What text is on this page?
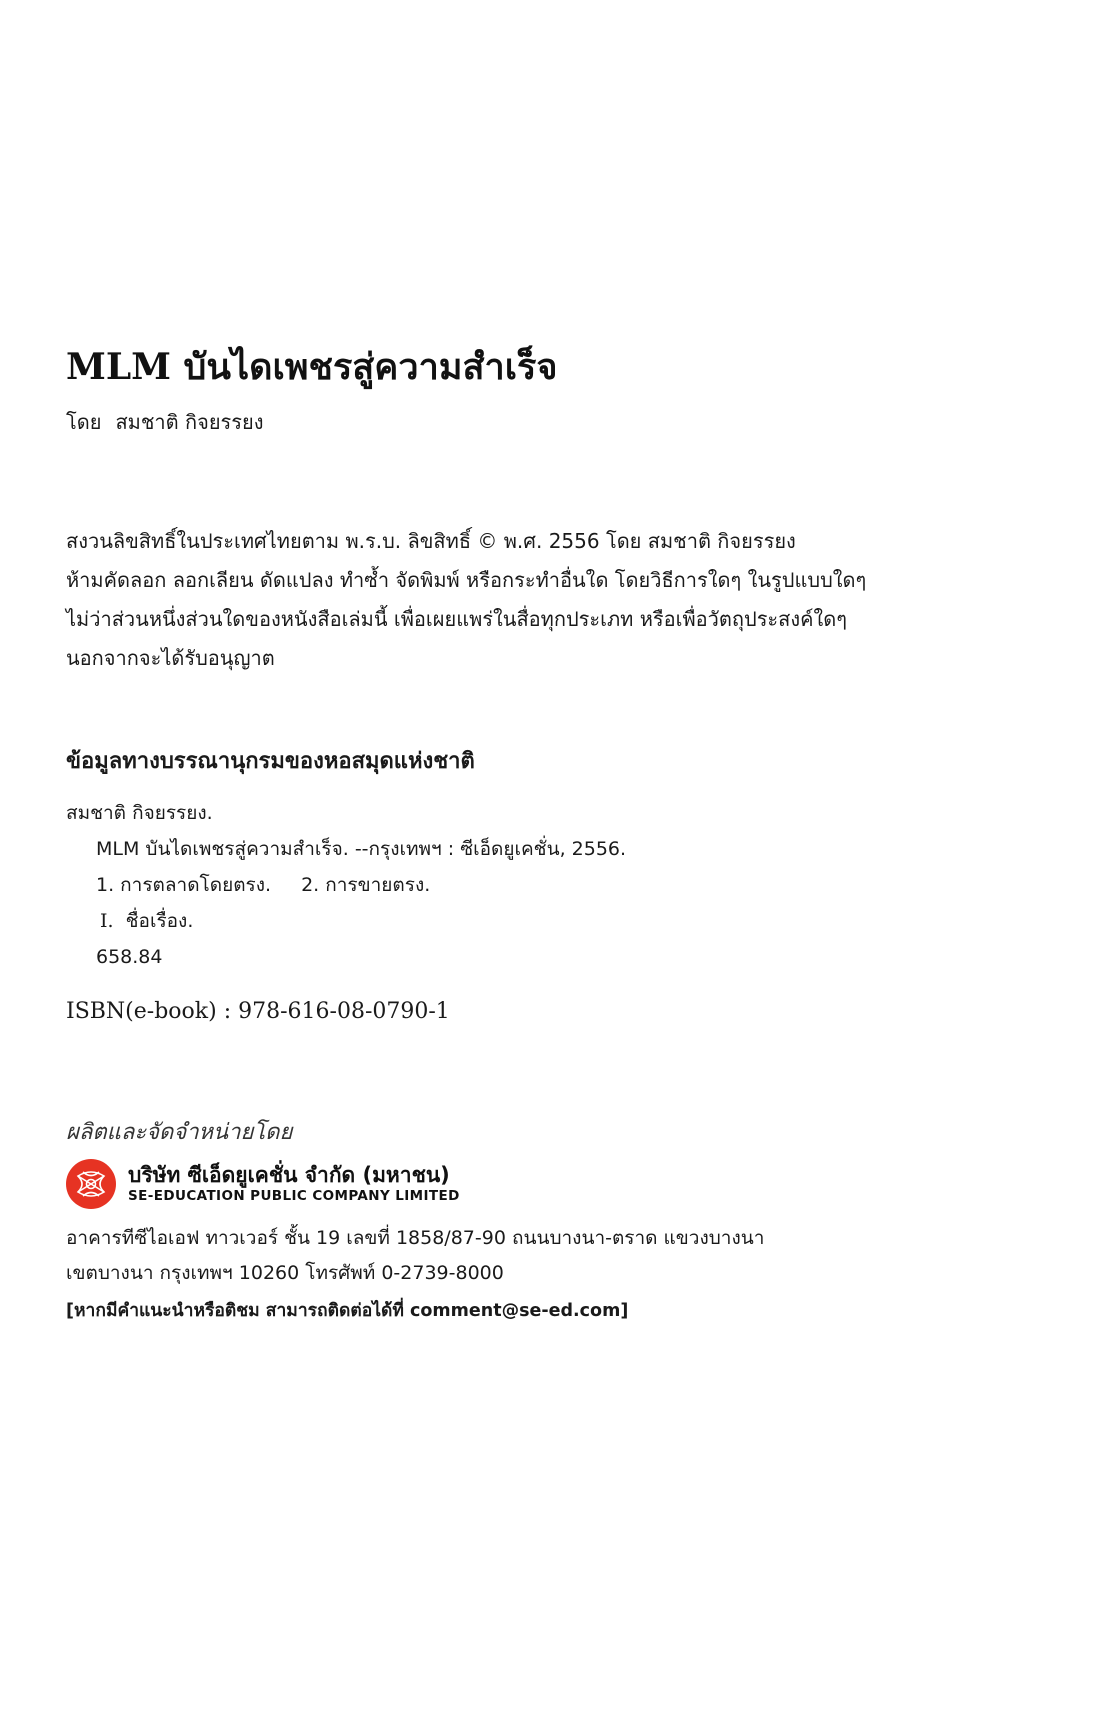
MLM บันไดเพชรสู่ความสำเร็จ
โดย สมชาติ กิจยรรยง
สงวนลิขสิทธิ์ในประเทศไทยตาม พ.ร.บ. ลิขสิทธิ์ © พ.ศ. 2556 โดย สมชาติ กิจยรรยง
ห้ามคัดลอก ลอกเลียน ดัดแปลง ทำซ้ำ จัดพิมพ์ หรือกระทำอื่นใด โดยวิธีการใดๆ ในรูปแบบใดๆ
ไม่ว่าส่วนหนึ่งส่วนใดของหนังสือเล่มนี้ เพื่อเผยแพร่ในสื่อทุกประเภท หรือเพื่อวัตถุประสงค์ใดๆ
นอกจากจะได้รับอนุญาต
ข้อมูลทางบรรณานุกรมของหอสมุดแห่งชาติ
สมชาติ กิจยรรยง.
MLM บันไดเพชรสู่ความสำเร็จ. --กรุงเทพฯ : ซีเอ็ดยูเคชั่น, 2556.
1. การตลาดโดยตรง. 2. การขายตรง.
I. ชื่อเรื่อง.
658.84
ISBN(e-book) : 978-616-08-0790-1
ผลิตและจัดจำหน่ายโดย
บริษัท ซีเอ็ดยูเคชั่น จำกัด (มหาชน)
SE-EDUCATION PUBLIC COMPANY LIMITED
อาคารทีซีไอเอฟ ทาวเวอร์ ชั้น 19 เลขที่ 1858/87-90 ถนนบางนา-ตราด แขวงบางนา
เขตบางนา กรุงเทพฯ 10260 โทรศัพท์ 0-2739-8000
[หากมีคำแนะนำหรือติชม สามารถติดต่อได้ที่ comment@se-ed.com]
